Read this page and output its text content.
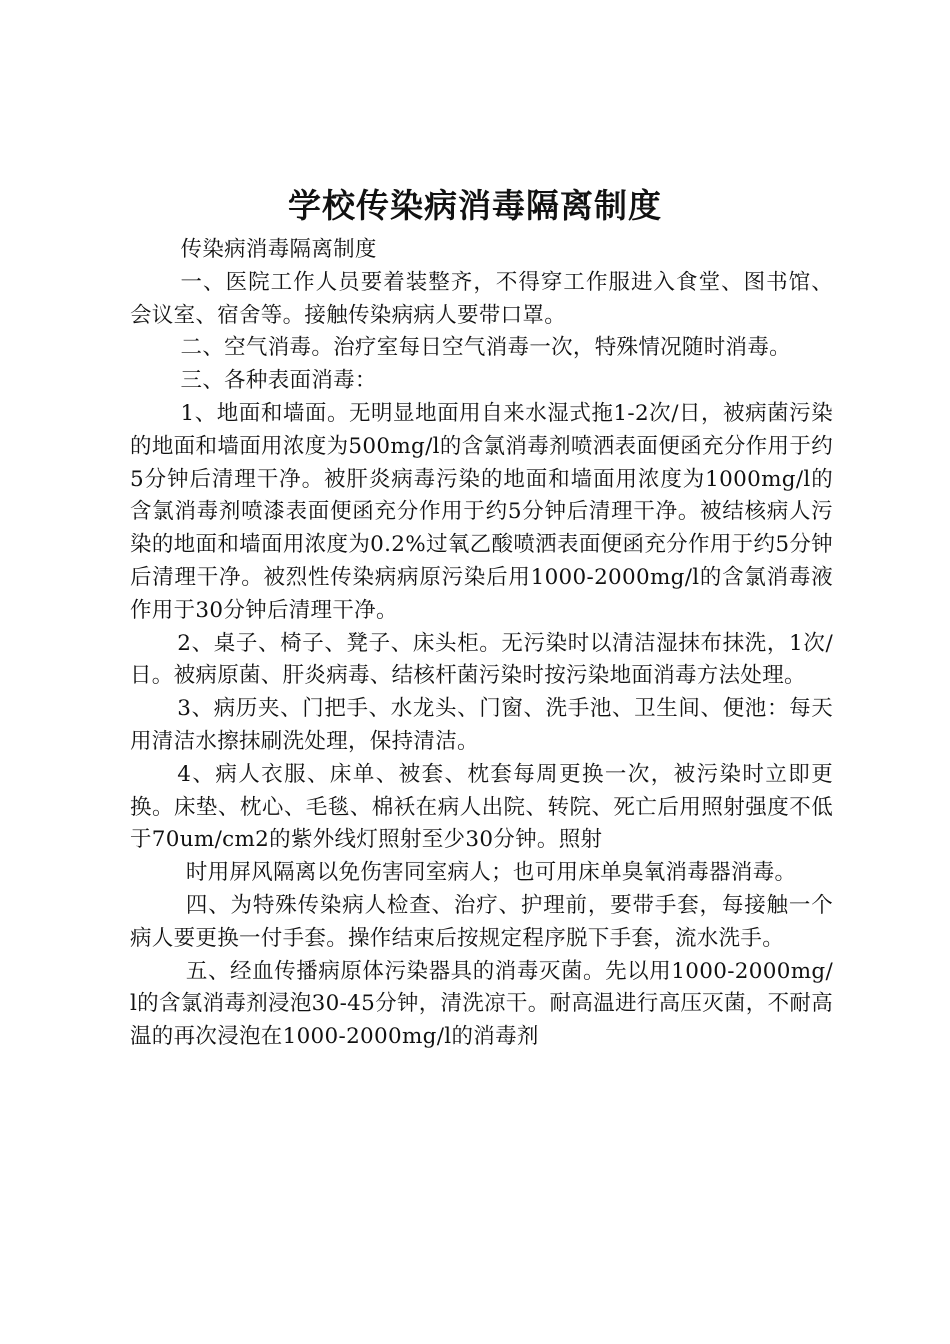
学校传染病消毒隔离制度

传染病消毒隔离制度

一、医院工作人员要着装整齐，不得穿工作服进入食堂、图书馆、会议室、宿舍等。接触传染病病人要带口罩。

二、空气消毒。治疗室每日空气消毒一次，特殊情况随时消毒。

三、各种表面消毒：

1、地面和墙面。无明显地面用自来水湿式拖1-2次/日，被病菌污染的地面和墙面用浓度为500mg/l的含氯消毒剂喷洒表面便函充分作用于约5分钟后清理干净。被肝炎病毒污染的地面和墙面用浓度为1000mg/l的含氯消毒剂喷漆表面便函充分作用于约5分钟后清理干净。被结核病人污染的地面和墙面用浓度为0.2%过氧乙酸喷洒表面便函充分作用于约5分钟后清理干净。被烈性传染病病原污染后用1000-2000mg/l的含氯消毒液作用于30分钟后清理干净。

2、桌子、椅子、凳子、床头柜。无污染时以清洁湿抹布抹洗，1次/日。被病原菌、肝炎病毒、结核杆菌污染时按污染地面消毒方法处理。

3、病历夹、门把手、水龙头、门窗、洗手池、卫生间、便池：每天用清洁水擦抹刷洗处理，保持清洁。

4、病人衣服、床单、被套、枕套每周更换一次，被污染时立即更换。床垫、枕心、毛毯、棉袄在病人出院、转院、死亡后用照射强度不低于70um/cm2的紫外线灯照射至少30分钟。照射

时用屏风隔离以免伤害同室病人；也可用床单臭氧消毒器消毒。

四、为特殊传染病人检查、治疗、护理前，要带手套，每接触一个病人要更换一付手套。操作结束后按规定程序脱下手套，流水洗手。

五、经血传播病原体污染器具的消毒灭菌。先以用1000-2000mg/l的含氯消毒剂浸泡30-45分钟，清洗凉干。耐高温进行高压灭菌，不耐高温的再次浸泡在1000-2000mg/l的消毒剂
